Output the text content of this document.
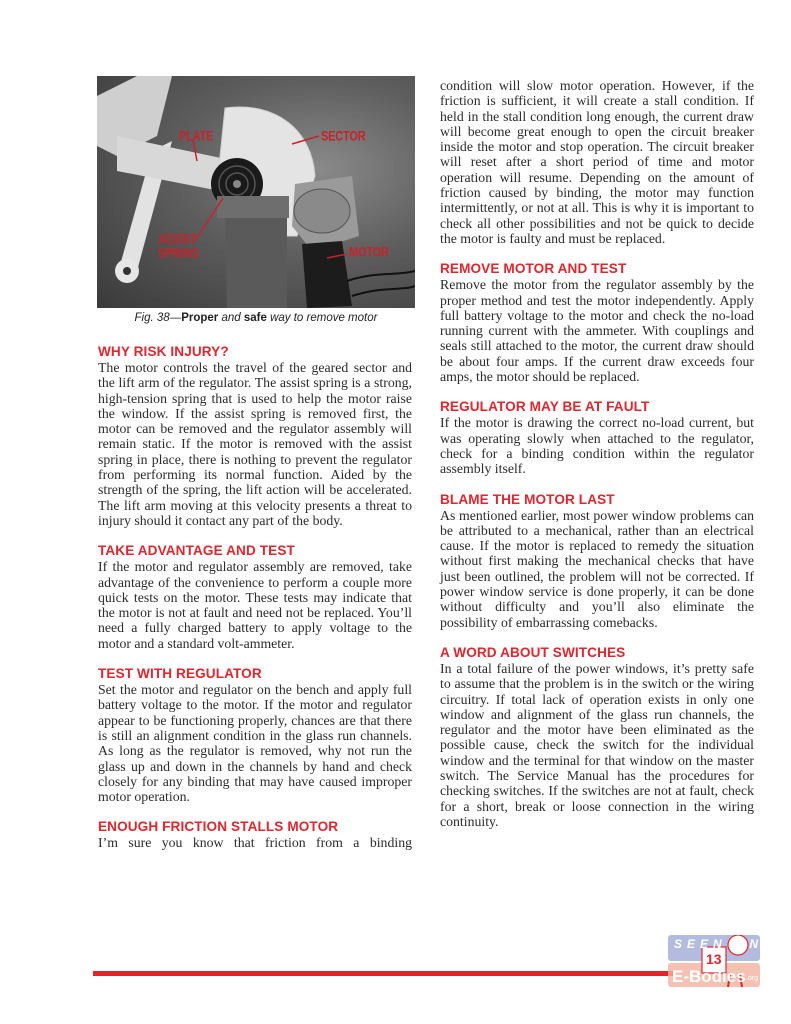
PLATE	SECTOR
ASSIST
SPRING	MOTOR
Fig. 38—Proper and safe way to remove motor
WHY RISK INJURY?

The motor controls the travel of the geared sector and the lift arm of the regulator. The assist spring is a strong, high-tension spring that is used to help the motor raise the window. If the assist spring is removed first, the motor can be removed and the regulator assembly will remain static. If the motor is removed with the assist spring in place, there is nothing to prevent the regulator from performing its normal function. Aided by the strength of the spring, the lift action will be accelerated. The lift arm moving at this velocity presents a threat to injury should it contact any part of the body.

TAKE ADVANTAGE AND TEST

If the motor and regulator assembly are removed, take advantage of the convenience to perform a couple more quick tests on the motor. These tests may indicate that the motor is not at fault and need not be replaced. You’ll need a fully charged battery to apply voltage to the motor and a standard volt-ammeter.

TEST WITH REGULATOR

Set the motor and regulator on the bench and apply full battery voltage to the motor. If the motor and regulator appear to be functioning properly, chances are that there is still an alignment condition in the glass run channels. As long as the regulator is removed, why not run the glass up and down in the channels by hand and check closely for any binding that may have caused improper motor operation.

ENOUGH FRICTION STALLS MOTOR

I’m sure you know that friction from a binding

condition will slow motor operation. However, if the friction is sufficient, it will create a stall condition. If held in the stall condition long enough, the current draw will become great enough to open the circuit breaker inside the motor and stop operation. The circuit breaker will reset after a short period of time and motor operation will resume. Depending on the amount of friction caused by binding, the motor may function intermittently, or not at all. This is why it is important to check all other possibilities and not be quick to decide the motor is faulty and must be replaced.

REMOVE MOTOR AND TEST

Remove the motor from the regulator assembly by the proper method and test the motor independently. Apply full battery voltage to the motor and check the no-load running current with the ammeter. With couplings and seals still attached to the motor, the current draw should be about four amps. If the current draw exceeds four amps, the motor should be replaced.

REGULATOR MAY BE AT FAULT

If the motor is drawing the correct no-load current, but was operating slowly when attached to the regulator, check for a binding condition within the regulator assembly itself.

BLAME THE MOTOR LAST

As mentioned earlier, most power window problems can be attributed to a mechanical, rather than an electrical cause. If the motor is replaced to remedy the situation without first making the mechanical checks that have just been outlined, the problem will not be corrected. If power window service is done properly, it can be done without difficulty and you’ll also eliminate the possibility of embarrassing comebacks.

A WORD ABOUT SWITCHES

In a total failure of the power windows, it’s pretty safe to assume that the problem is in the switch or the wiring circuitry. If total lack of operation exists in only one window and alignment of the glass run channels, the regulator and the motor have been eliminated as the possible cause, check the switch for the individual window and the terminal for that window on the master switch. The Service Manual has the procedures for checking switches. If the switches are not at fault, check for a short, break or loose connection in the wiring continuity.

SEEN ON
13
E-Bodies .org
